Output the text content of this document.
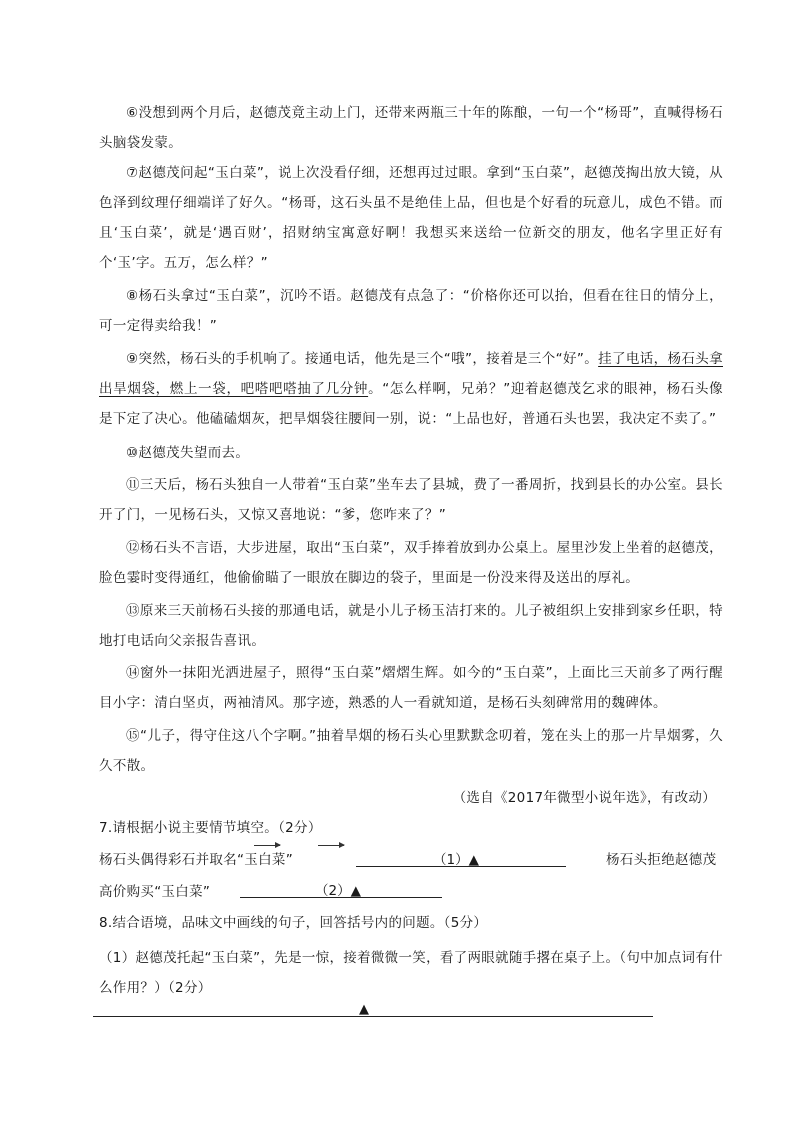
⑥没想到两个月后，赵德茂竟主动上门，还带来两瓶三十年的陈酿，一句一个“杨哥”，直喊得杨石头脑袋发蒙。

⑦赵德茂问起“玉白菜”，说上次没看仔细，还想再过过眼。拿到“玉白菜”，赵德茂掏出放大镜，从色泽到纹理仔细端详了好久。“杨哥，这石头虽不是绝佳上品，但也是个好看的玩意儿，成色不错。而且‘玉白菜’，就是‘遇百财’，招财纳宝寓意好啊！我想买来送给一位新交的朋友，他名字里正好有个‘玉’字。五万，怎么样？”

⑧杨石头拿过“玉白菜”，沉吟不语。赵德茂有点急了：“价格你还可以抬，但看在往日的情分上，可一定得卖给我！”

⑨突然，杨石头的手机响了。接通电话，他先是三个“哦”，接着是三个“好”。挂了电话，杨石头拿出旱烟袋，燃上一袋，吧嗒吧嗒抽了几分钟。“怎么样啊，兄弟？”迎着赵德茂乞求的眼神，杨石头像是下定了决心。他磕磕烟灰，把旱烟袋往腰间一别，说：“上品也好，普通石头也罢，我决定不卖了。”

⑩赵德茂失望而去。

⑪三天后，杨石头独自一人带着“玉白菜”坐车去了县城，费了一番周折，找到县长的办公室。县长开了门，一见杨石头，又惊又喜地说：“爹，您咋来了？”

⑫杨石头不言语，大步进屋，取出“玉白菜”，双手捧着放到办公桌上。屋里沙发上坐着的赵德茂，脸色霎时变得通红，他偷偷瞄了一眼放在脚边的袋子，里面是一份没来得及送出的厚礼。

⑬原来三天前杨石头接的那通电话，就是小儿子杨玉洁打来的。儿子被组织上安排到家乡任职，特地打电话向父亲报告喜讯。

⑭窗外一抹阳光洒进屋子，照得“玉白菜”熠熠生辉。如今的“玉白菜”，上面比三天前多了两行醒目小字：清白坚贞，两袖清风。那字迹，熟悉的人一看就知道，是杨石头刻碑常用的魏碑体。

⑮“儿子，得守住这八个字啊。”抽着旱烟的杨石头心里默默念叨着，笼在头上的那一片旱烟雾，久久不散。

（选自《2017年微型小说年选》，有改动）

7.请根据小说主要情节填空。（2分）

杨石头偶得彩石并取名“玉白菜”	（1）▲	杨石头拒绝赵德茂
高价购买“玉白菜”	（2）▲

8.结合语境，品味文中画线的句子，回答括号内的问题。（5分）

（1）赵德茂托起“玉白菜”，先是一惊，接着微微一笑，看了两眼就随手撂在桌子上。（句中加点词有什么作用？）（2分）

▲
